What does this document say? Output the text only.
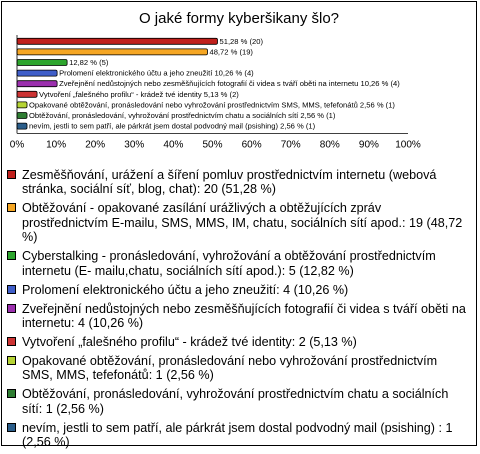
O jaké formy kyberšikany šlo?
51,28 % (20)
48,72 % (19)
12,82 % (5)
Prolomení elektronického účtu a jeho zneužití 10,26 % (4)
Zveřejnění nedůstojných nebo zesměšňujících fotografií či videa s tváří oběti na internetu 10,26 % (4)
Vytvoření „falešného profilu“ - krádež tvé identity 5,13 % (2)
Opakované obtěžování, pronásledování nebo vyhrožování prostřednictvím SMS, MMS, tefefonátů 2,56 % (1)
Obtěžování, pronásledování, vyhrožování prostřednictvím chatu a sociálních sítí 2,56 % (1)
nevím, jestli to sem patří, ale párkrát jsem dostal podvodný mail (psishing) 2,56 % (1)
0% 10% 20% 30% 40% 50% 60% 70% 80% 90% 100%
Zesměšňování, urážení a šíření pomluv prostřednictvím internetu (webová stránka, sociální síť, blog, chat): 20 (51,28 %)
Obtěžování - opakované zasílání urážlivých a obtěžujících zpráv prostřednictvím E-mailu, SMS, MMS, IM, chatu, sociálních sítí apod.: 19 (48,72 %)
Cyberstalking - pronásledování, vyhrožování a obtěžování prostřednictvím internetu (E- mailu,chatu, sociálních sítí apod.): 5 (12,82 %)
Prolomení elektronického účtu a jeho zneužití: 4 (10,26 %)
Zveřejnění nedůstojných nebo zesměšňujících fotografií či videa s tváří oběti na internetu: 4 (10,26 %)
Vytvoření „falešného profilu“ - krádež tvé identity: 2 (5,13 %)
Opakované obtěžování, pronásledování nebo vyhrožování prostřednictvím SMS, MMS, tefefonátů: 1 (2,56 %)
Obtěžování, pronásledování, vyhrožování prostřednictvím chatu a sociálních sítí: 1 (2,56 %)
nevím, jestli to sem patří, ale párkrát jsem dostal podvodný mail (psishing) : 1 (2,56 %)
